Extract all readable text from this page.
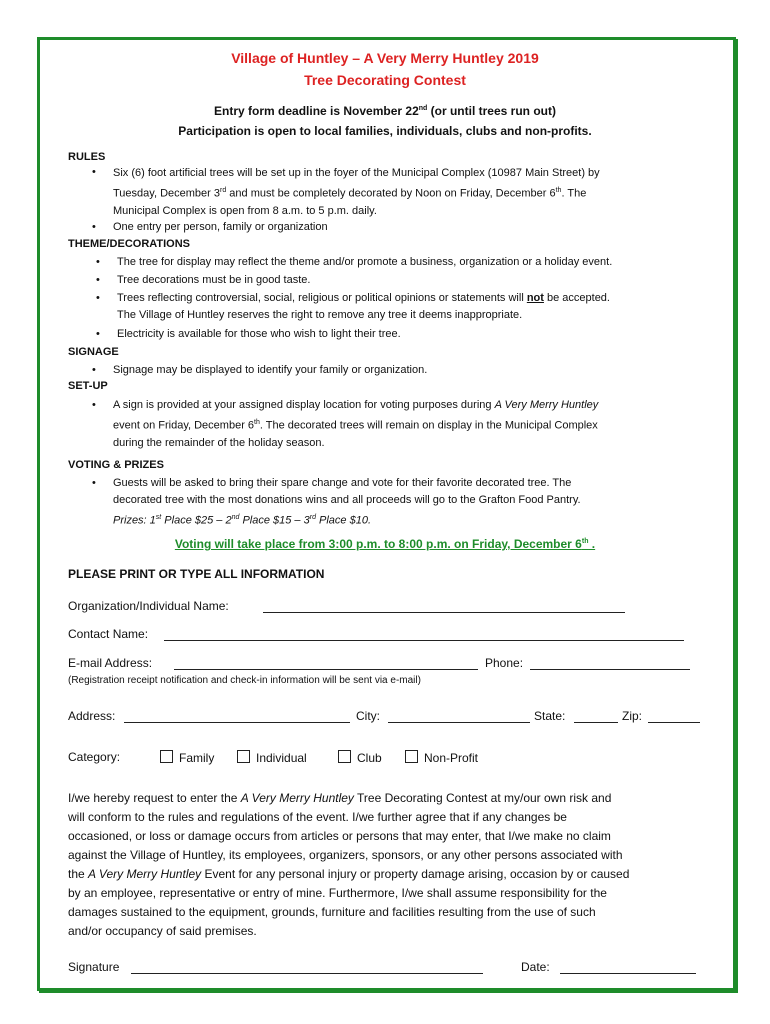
Village of Huntley – A Very Merry Huntley 2019
Tree Decorating Contest
Entry form deadline is November 22nd (or until trees run out)
Participation is open to local families, individuals, clubs and non-profits.
RULES
• Six (6) foot artificial trees will be set up in the foyer of the Municipal Complex (10987 Main Street) by
Tuesday, December 3rd and must be completely decorated by Noon on Friday, December 6th. The
Municipal Complex is open from 8 a.m. to 5 p.m. daily.
• One entry per person, family or organization
THEME/DECORATIONS
• The tree for display may reflect the theme and/or promote a business, organization or a holiday event.
• Tree decorations must be in good taste.
• Trees reflecting controversial, social, religious or political opinions or statements will not be accepted.
The Village of Huntley reserves the right to remove any tree it deems inappropriate.
• Electricity is available for those who wish to light their tree.
SIGNAGE
• Signage may be displayed to identify your family or organization.
SET-UP
• A sign is provided at your assigned display location for voting purposes during A Very Merry Huntley
event on Friday, December 6th. The decorated trees will remain on display in the Municipal Complex
during the remainder of the holiday season.
VOTING & PRIZES
• Guests will be asked to bring their spare change and vote for their favorite decorated tree. The
decorated tree with the most donations wins and all proceeds will go to the Grafton Food Pantry.
Prizes: 1st Place $25 – 2nd Place $15 – 3rd Place $10.
Voting will take place from 3:00 p.m. to 8:00 p.m. on Friday, December 6th .
PLEASE PRINT OR TYPE ALL INFORMATION
Organization/Individual Name:
Contact Name:
E-mail Address:	Phone:
(Registration receipt notification and check-in information will be sent via e-mail)
Address:	City:	State:	Zip:
Category:	Family	Individual	Club	Non-Profit
I/we hereby request to enter the A Very Merry Huntley Tree Decorating Contest at my/our own risk and
will conform to the rules and regulations of the event. I/we further agree that if any changes be
occasioned, or loss or damage occurs from articles or persons that may enter, that I/we make no claim
against the Village of Huntley, its employees, organizers, sponsors, or any other persons associated with
the A Very Merry Huntley Event for any personal injury or property damage arising, occasion by or caused
by an employee, representative or entry of mine. Furthermore, I/we shall assume responsibility for the
damages sustained to the equipment, grounds, furniture and facilities resulting from the use of such
and/or occupancy of said premises.
Signature	Date:
